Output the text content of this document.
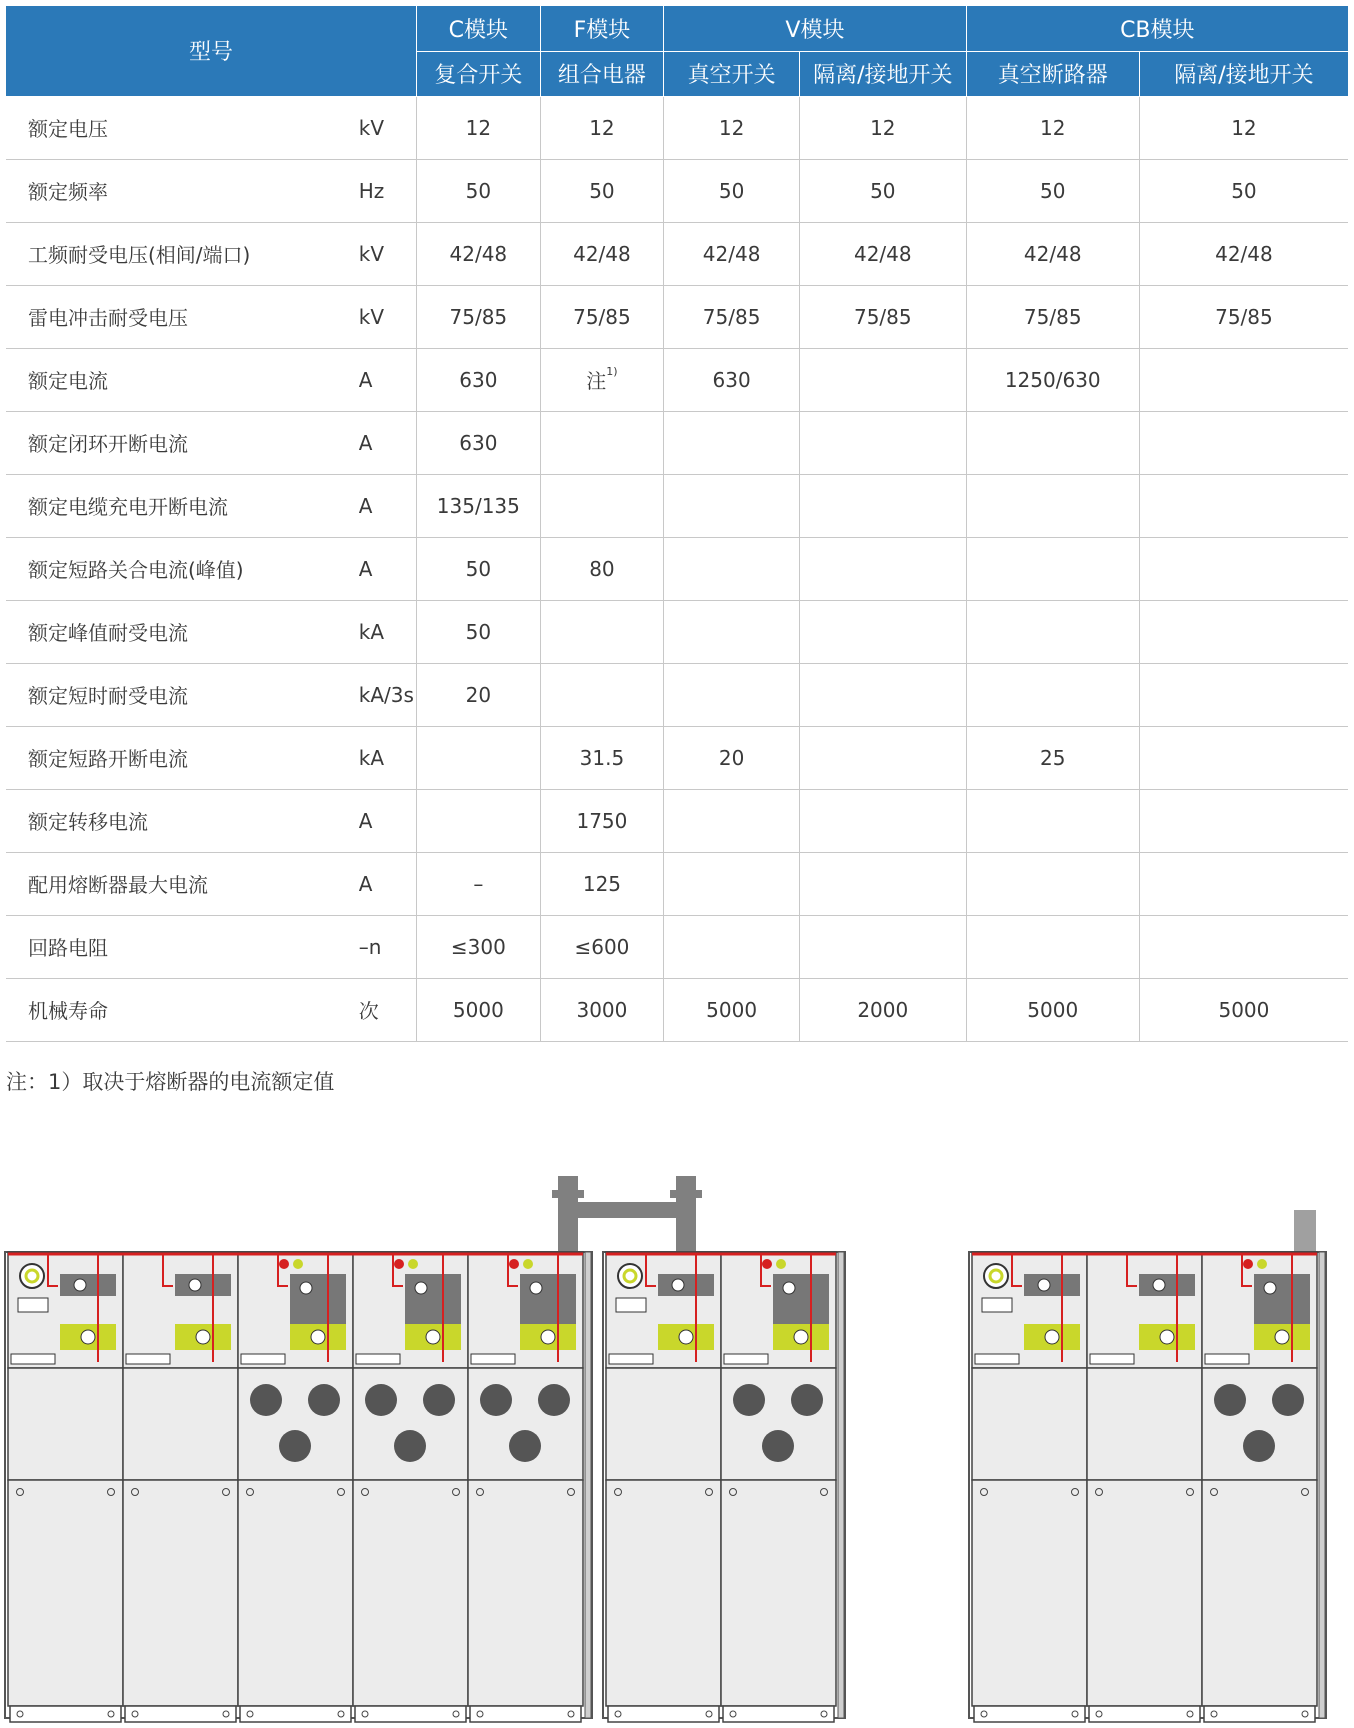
型号		C模块	F模块	V模块		CB模块	
		复合开关	组合电器	真空开关	隔离/接地开关	真空断路器	隔离/接地开关
额定电压	kV	12	12	12	12	12	12
额定频率	Hz	50	50	50	50	50	50
工频耐受电压(相间/端口)	kV	42/48	42/48	42/48	42/48	42/48	42/48
雷电冲击耐受电压	kV	75/85	75/85	75/85	75/85	75/85	75/85
额定电流	A	630	注$^{1)}$	630		1250/630	
额定闭环开断电流	A	630					
额定电缆充电开断电流	A	135/135					
额定短路关合电流(峰值)	A	50	80				
额定峰值耐受电流	kA	50					
额定短时耐受电流	kA/3s	20					
额定短路开断电流	kA		31.5	20		25	
额定转移电流	A		1750				
配用熔断器最大电流	A	–	125				
回路电阻	–n	≤300	≤600				
机械寿命	次	5000	3000	5000	2000	5000	5000
注：1）取决于熔断器的电流额定值
